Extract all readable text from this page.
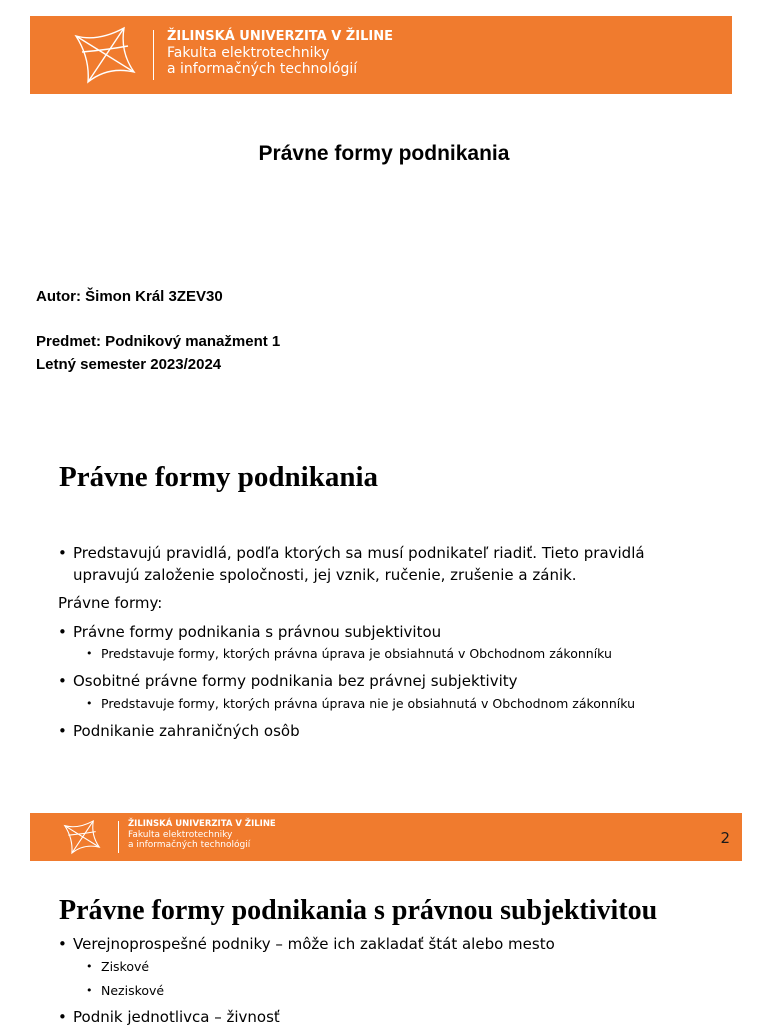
ŽILINSKÁ UNIVERZITA V ŽILINE
Fakulta elektrotechniky
a informačných technológií
Právne formy podnikania
Autor: Šimon Král 3ZEV30
Predmet: Podnikový manažment 1
Letný semester 2023/2024
Právne formy podnikania
• Predstavujú pravidlá, podľa ktorých sa musí podnikateľ riadiť. Tieto pravidlá
upravujú založenie spoločnosti, jej vznik, ručenie, zrušenie a zánik.
Právne formy:
• Právne formy podnikania s právnou subjektivitou
• Predstavuje formy, ktorých právna úprava je obsiahnutá v Obchodnom zákonníku
• Osobitné právne formy podnikania bez právnej subjektivity
• Predstavuje formy, ktorých právna úprava nie je obsiahnutá v Obchodnom zákonníku
• Podnikanie zahraničných osôb
ŽILINSKÁ UNIVERZITA V ŽILINE
Fakulta elektrotechniky
a informačných technológií	2
Právne formy podnikania s právnou subjektivitou
• Verejnoprospešné podniky – môže ich zakladať štát alebo mesto
• Ziskové
• Neziskové
• Podnik jednotlivca – živnosť
